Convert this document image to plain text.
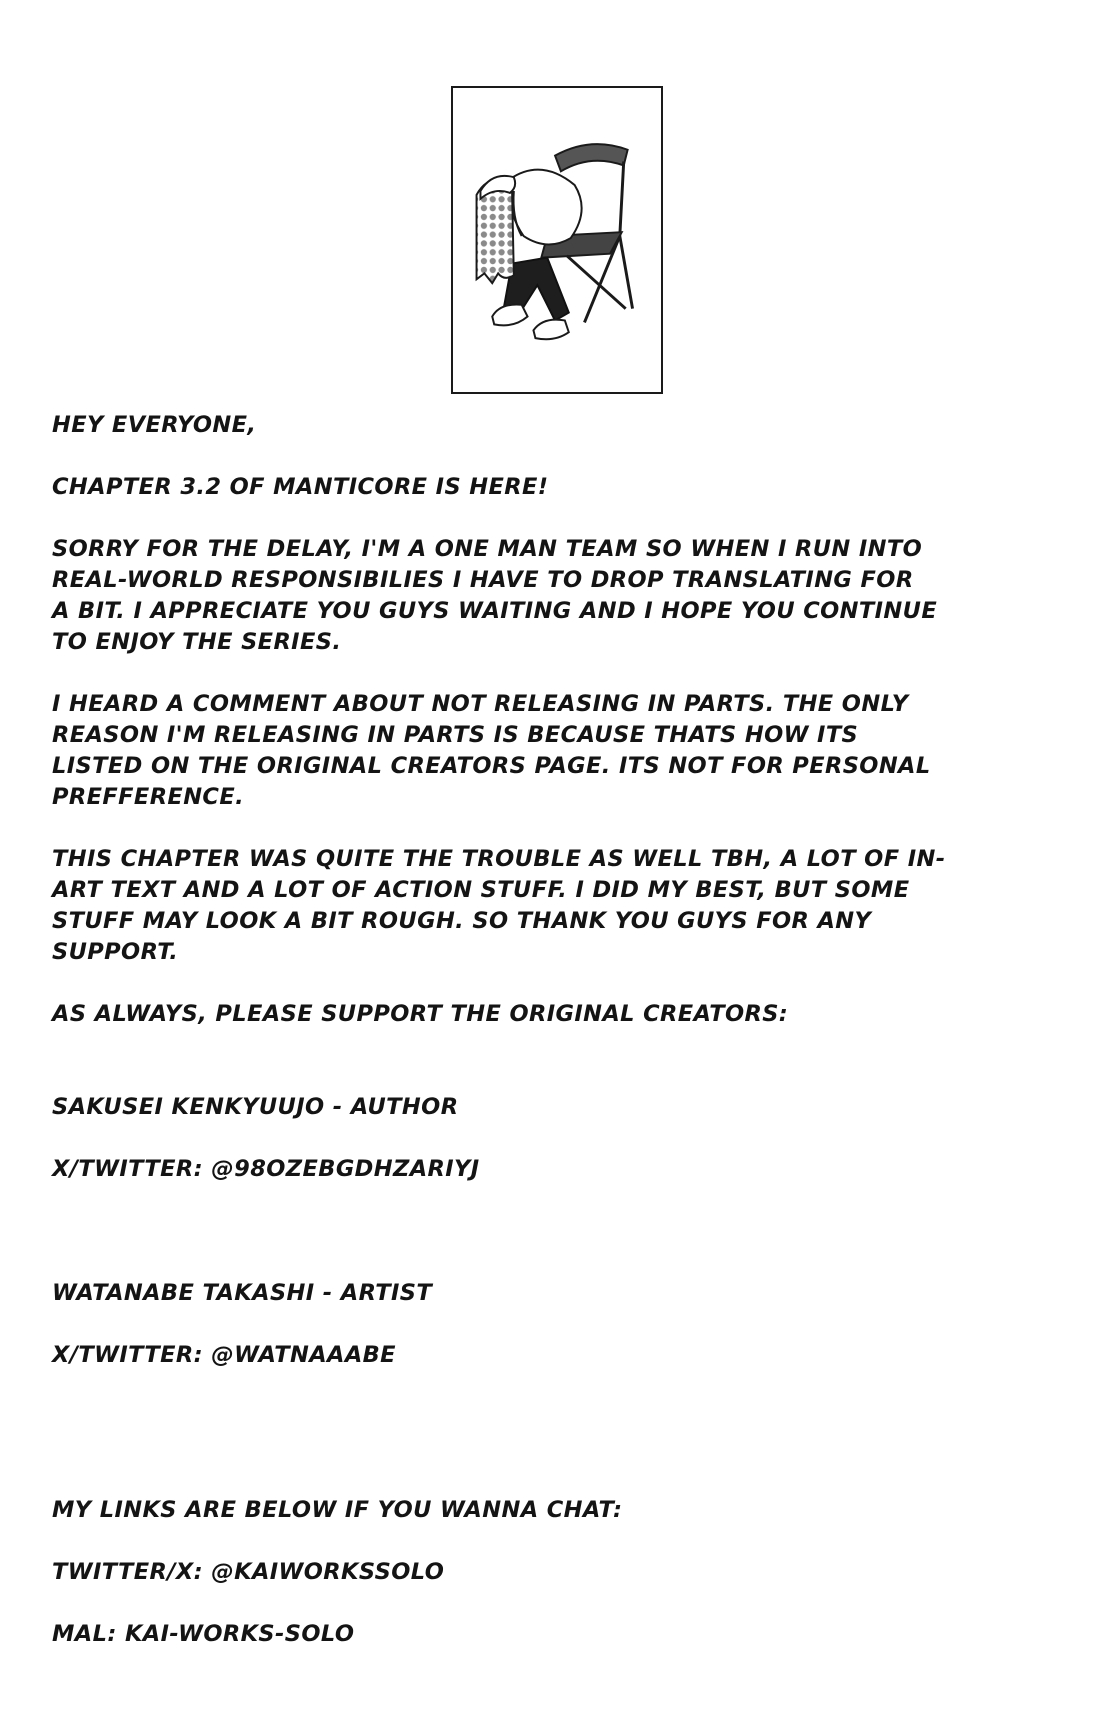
HEY EVERYONE,

CHAPTER 3.2 OF MANTICORE IS HERE!

SORRY FOR THE DELAY, I'M A ONE MAN TEAM SO WHEN I RUN INTO
REAL-WORLD RESPONSIBILIES I HAVE TO DROP TRANSLATING FOR
A BIT. I APPRECIATE YOU GUYS WAITING AND I HOPE YOU CONTINUE
TO ENJOY THE SERIES.

I HEARD A COMMENT ABOUT NOT RELEASING IN PARTS. THE ONLY
REASON I'M RELEASING IN PARTS IS BECAUSE THATS HOW ITS
LISTED ON THE ORIGINAL CREATORS PAGE. ITS NOT FOR PERSONAL
PREFFERENCE.

THIS CHAPTER WAS QUITE THE TROUBLE AS WELL TBH, A LOT OF IN-
ART TEXT AND A LOT OF ACTION STUFF. I DID MY BEST, BUT SOME
STUFF MAY LOOK A BIT ROUGH. SO THANK YOU GUYS FOR ANY
SUPPORT.

AS ALWAYS, PLEASE SUPPORT THE ORIGINAL CREATORS:

SAKUSEI KENKYUUJO - AUTHOR

X/TWITTER: @98OZEBGDHZARIYJ

WATANABE TAKASHI - ARTIST

X/TWITTER: @WATNAAABE

MY LINKS ARE BELOW IF YOU WANNA CHAT:

TWITTER/X: @KAIWORKSSOLO

MAL: KAI-WORKS-SOLO
